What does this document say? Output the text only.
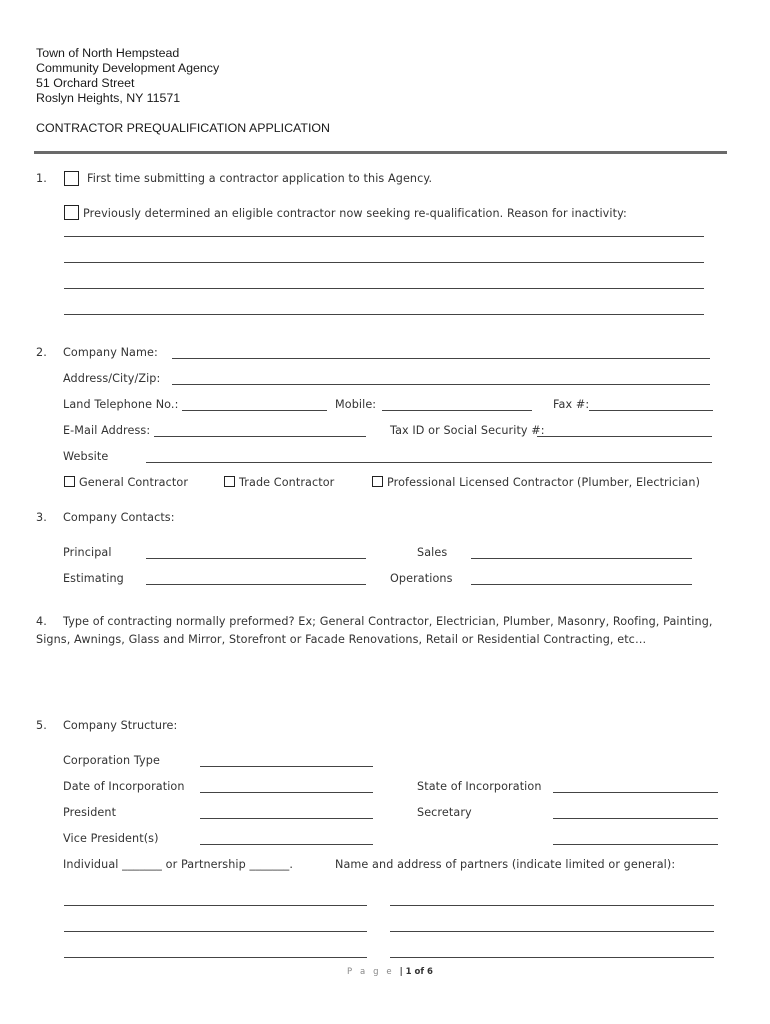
Town of North Hempstead
Community Development Agency
51 Orchard Street
Roslyn Heights, NY 11571
CONTRACTOR PREQUALIFICATION APPLICATION
1.	First time submitting a contractor application to this Agency.
Previously determined an eligible contractor now seeking re-qualification. Reason for inactivity:
2. Company Name:
Address/City/Zip:
Land Telephone No.:	Mobile:	Fax #:
E-Mail Address:	Tax ID or Social Security #:
Website
General Contractor	Trade Contractor	Professional Licensed Contractor (Plumber, Electrician)
3. Company Contacts:
Principal	Sales
Estimating	Operations
4. Type of contracting normally preformed? Ex; General Contractor, Electrician, Plumber, Masonry, Roofing, Painting,
Signs, Awnings, Glass and Mirror, Storefront or Facade Renovations, Retail or Residential Contracting, etc…
5. Company Structure:
Corporation Type
Date of Incorporation	State of Incorporation
President	Secretary
Vice President(s)
Individual _______ or Partnership _______.	Name and address of partners (indicate limited or general):
P a g e | 1 of 6
